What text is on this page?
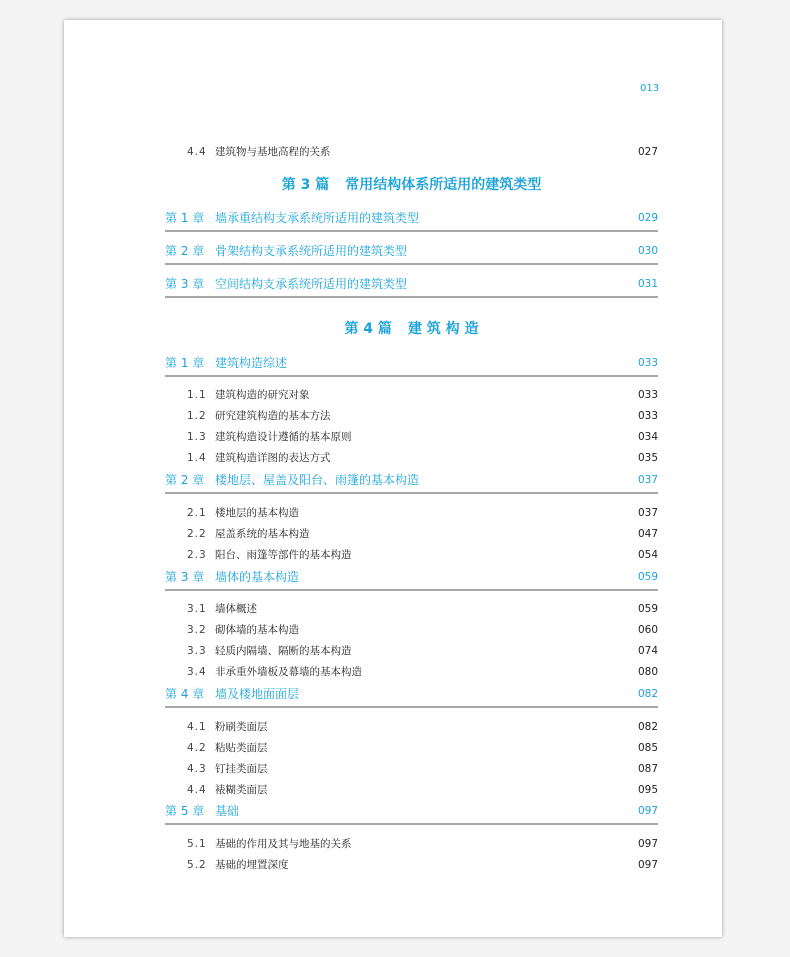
013
4.4 建筑物与基地高程的关系	027
第 3 篇 常用结构体系所适用的建筑类型
第 1 章 墙承重结构支承系统所适用的建筑类型	029
第 2 章 骨架结构支承系统所适用的建筑类型	030
第 3 章 空间结构支承系统所适用的建筑类型	031
第 4 篇 建 筑 构 造
第 1 章 建筑构造综述	033
1.1 建筑构造的研究对象	033
1.2 研究建筑构造的基本方法	033
1.3 建筑构造设计遵循的基本原则	034
1.4 建筑构造详图的表达方式	035
第 2 章 楼地层、屋盖及阳台、雨篷的基本构造	037
2.1 楼地层的基本构造	037
2.2 屋盖系统的基本构造	047
2.3 阳台、雨篷等部件的基本构造	054
第 3 章 墙体的基本构造	059
3.1 墙体概述	059
3.2 砌体墙的基本构造	060
3.3 轻质内隔墙、隔断的基本构造	074
3.4 非承重外墙板及幕墙的基本构造	080
第 4 章 墙及楼地面面层	082
4.1 粉刷类面层	082
4.2 粘贴类面层	085
4.3 钉挂类面层	087
4.4 裱糊类面层	095
第 5 章 基础	097
5.1 基础的作用及其与地基的关系	097
5.2 基础的埋置深度	097
